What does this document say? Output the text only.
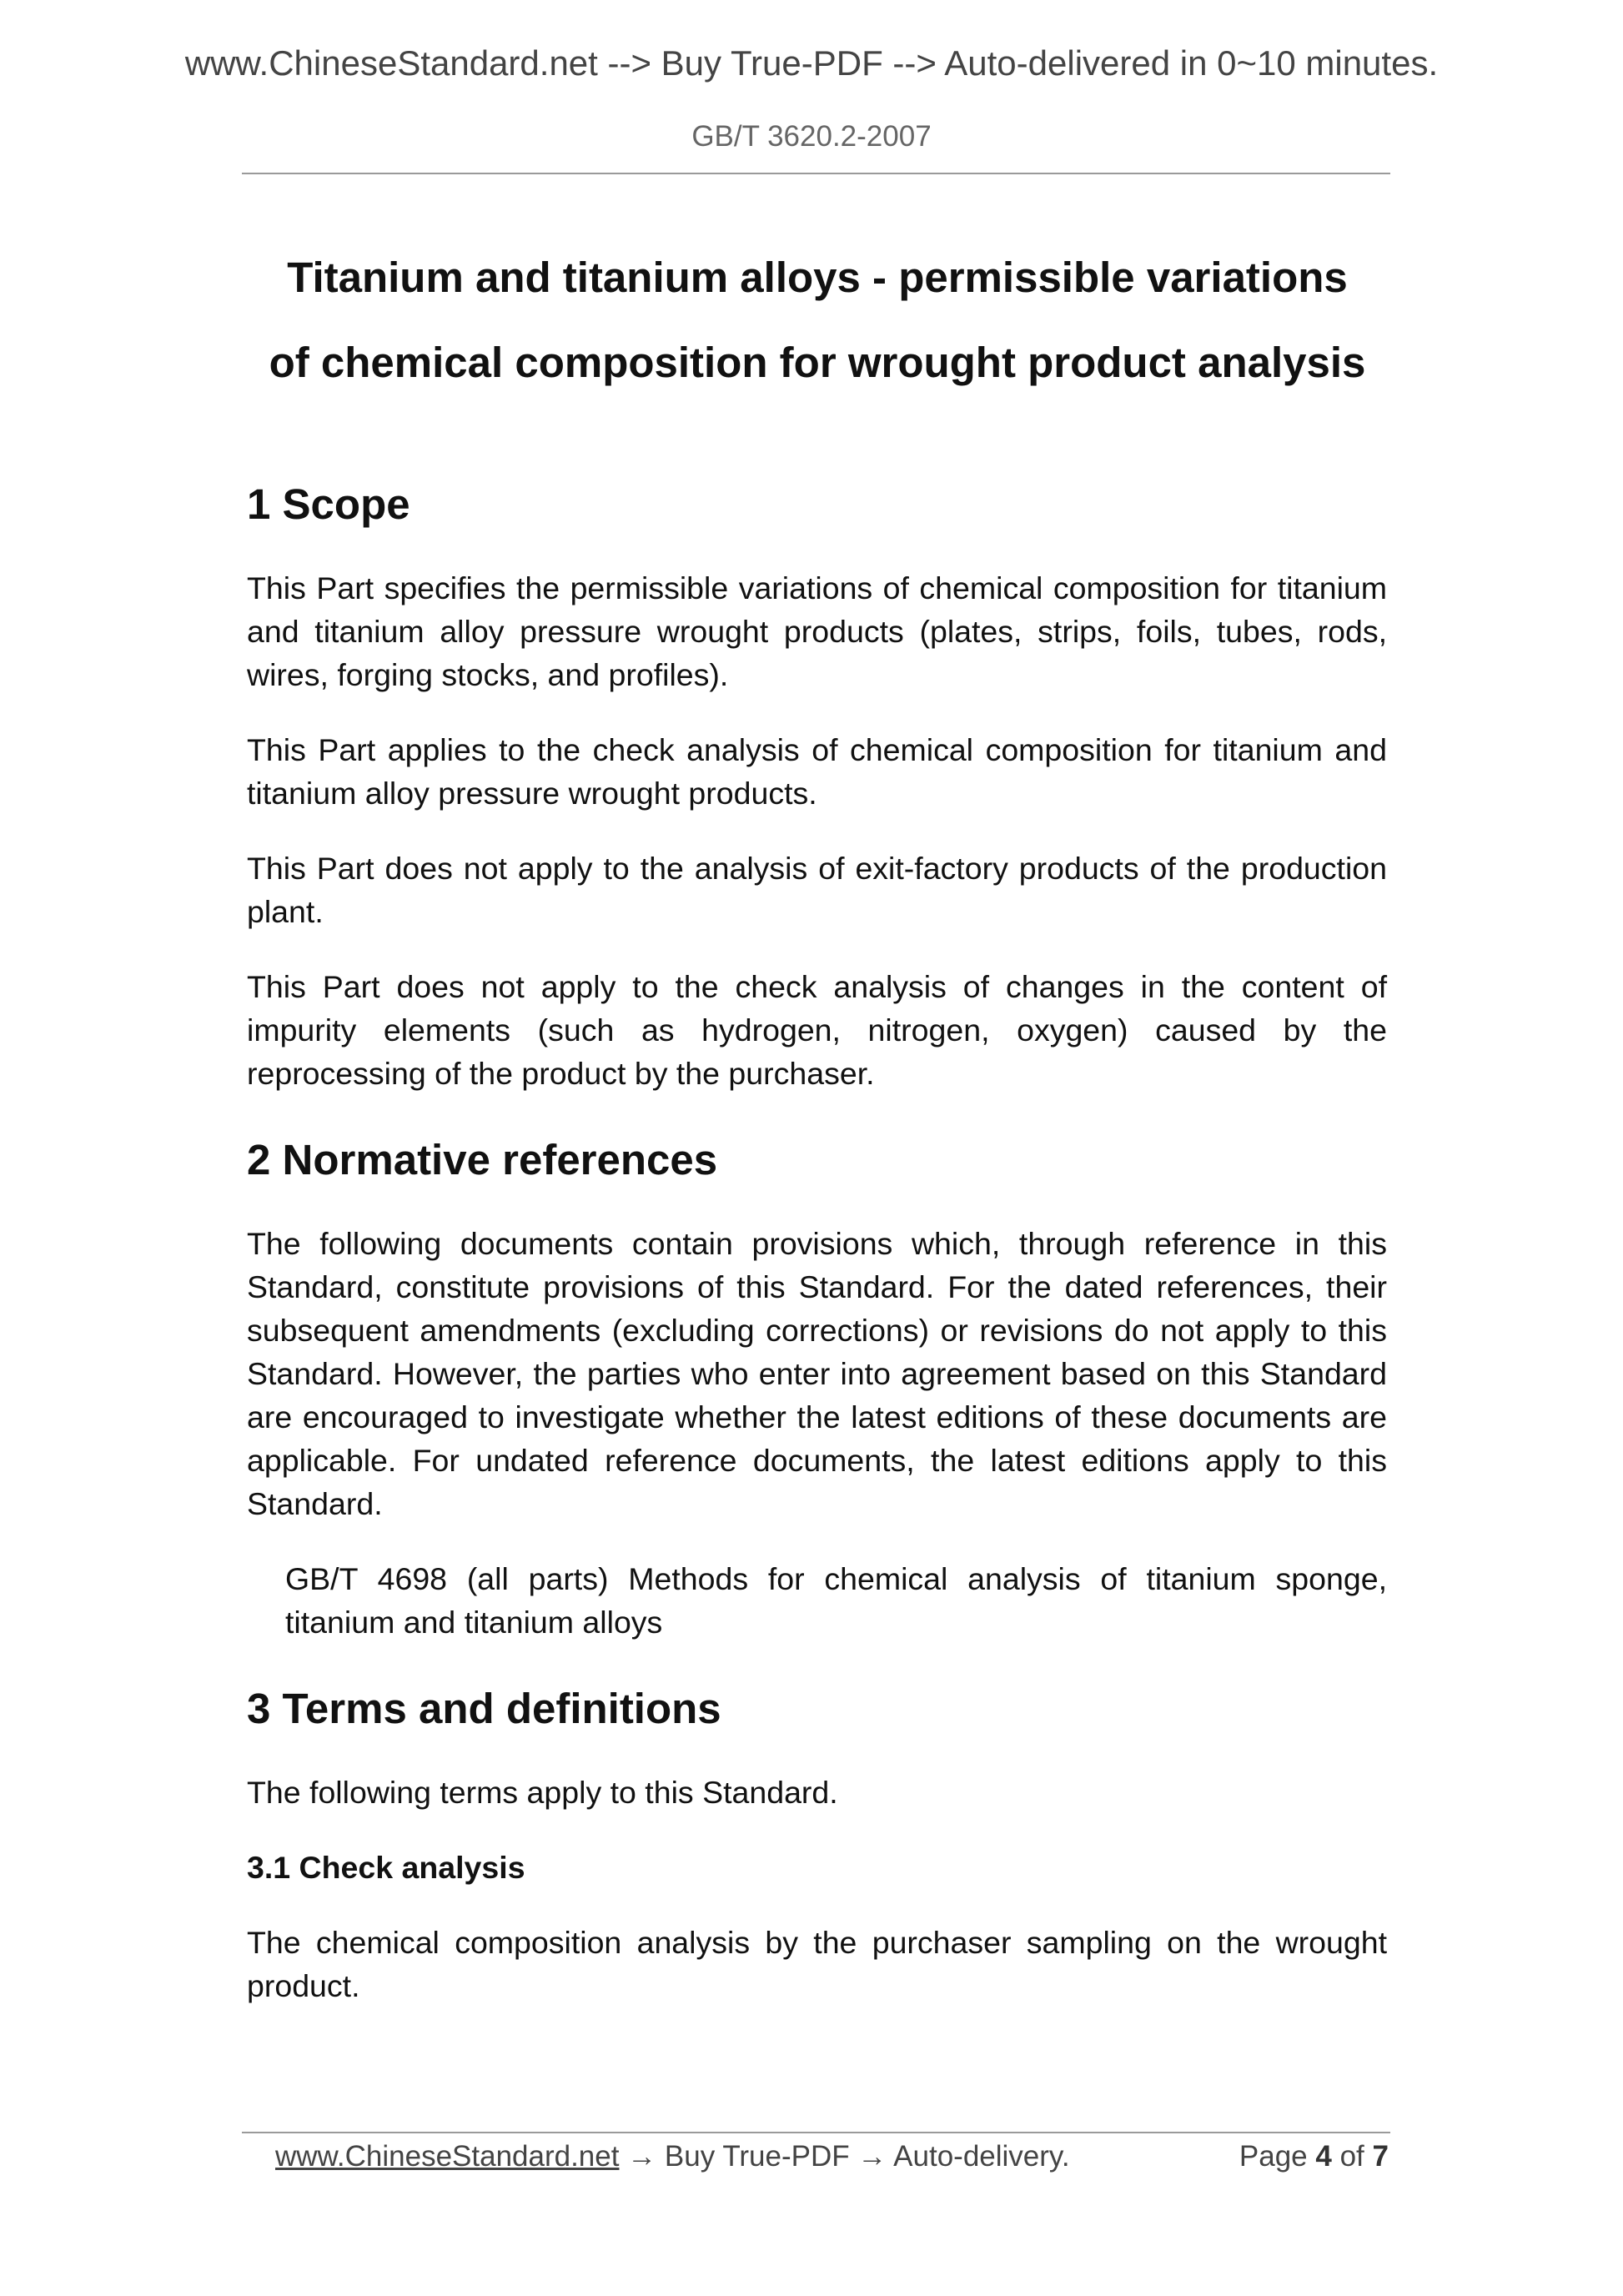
www.ChineseStandard.net --> Buy True-PDF --> Auto-delivered in 0~10 minutes.
GB/T 3620.2-2007
Titanium and titanium alloys - permissible variations
of chemical composition for wrought product analysis
1 Scope

This Part specifies the permissible variations of chemical composition for titanium and titanium alloy pressure wrought products (plates, strips, foils, tubes, rods, wires, forging stocks, and profiles).

This Part applies to the check analysis of chemical composition for titanium and titanium alloy pressure wrought products.

This Part does not apply to the analysis of exit-factory products of the production plant.

This Part does not apply to the check analysis of changes in the content of impurity elements (such as hydrogen, nitrogen, oxygen) caused by the reprocessing of the product by the purchaser.

2 Normative references

The following documents contain provisions which, through reference in this Standard, constitute provisions of this Standard. For the dated references, their subsequent amendments (excluding corrections) or revisions do not apply to this Standard. However, the parties who enter into agreement based on this Standard are encouraged to investigate whether the latest editions of these documents are applicable. For undated reference documents, the latest editions apply to this Standard.

GB/T 4698 (all parts) Methods for chemical analysis of titanium sponge, titanium and titanium alloys

3 Terms and definitions

The following terms apply to this Standard.

3.1 Check analysis

The chemical composition analysis by the purchaser sampling on the wrought product.

www.ChineseStandard.net → Buy True-PDF → Auto-delivery.	Page 4 of 7
